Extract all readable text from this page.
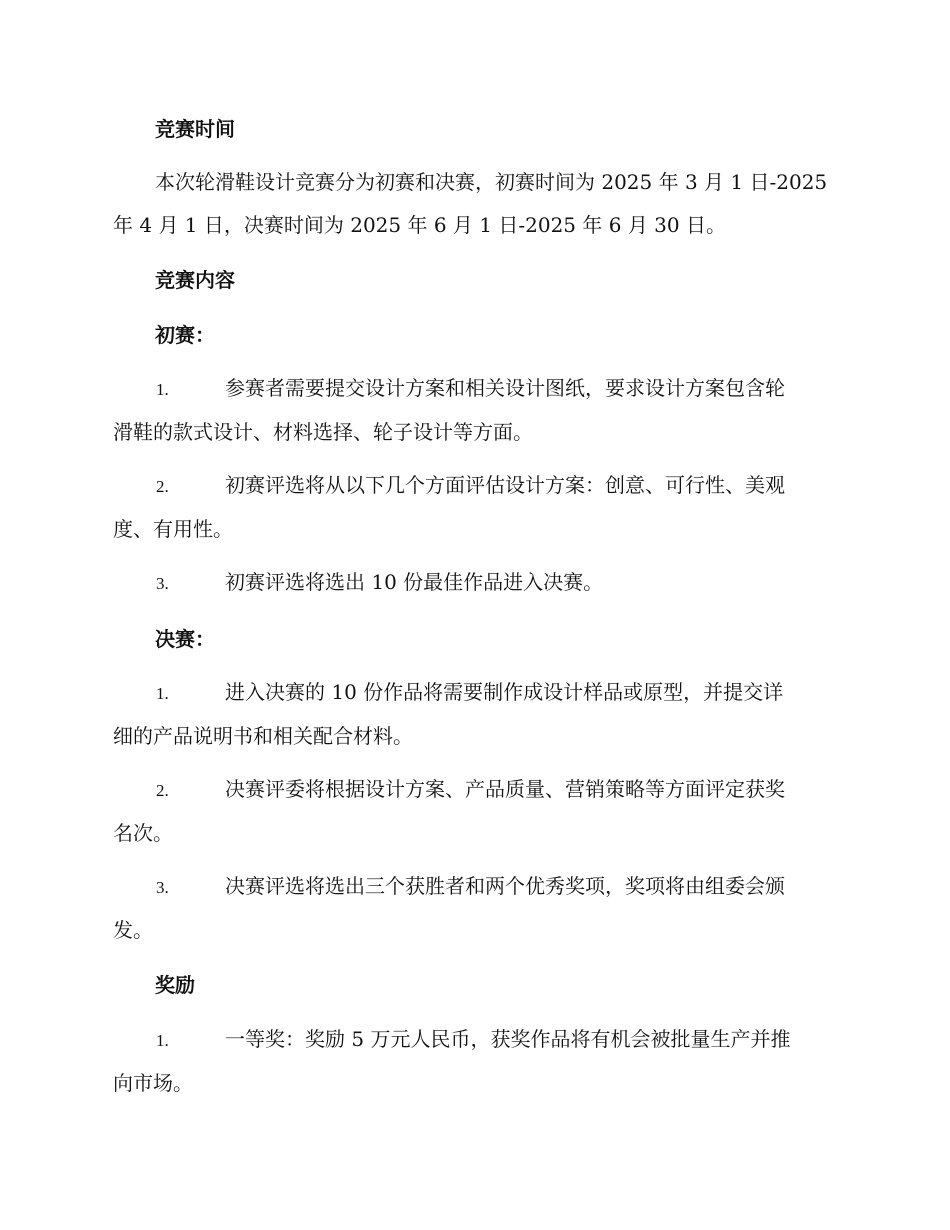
竞赛时间
本次轮滑鞋设计竞赛分为初赛和决赛，初赛时间为 2025 年 3 月 1 日-2025
年 4 月 1 日，决赛时间为 2025 年 6 月 1 日-2025 年 6 月 30 日。
竞赛内容
初赛：
1.	参赛者需要提交设计方案和相关设计图纸，要求设计方案包含轮
滑鞋的款式设计、材料选择、轮子设计等方面。
2.	初赛评选将从以下几个方面评估设计方案：创意、可行性、美观
度、有用性。
3.	初赛评选将选出 10 份最佳作品进入决赛。
决赛：
1.	进入决赛的 10 份作品将需要制作成设计样品或原型，并提交详
细的产品说明书和相关配合材料。
2.	决赛评委将根据设计方案、产品质量、营销策略等方面评定获奖
名次。
3.	决赛评选将选出三个获胜者和两个优秀奖项，奖项将由组委会颁
发。
奖励
1.	一等奖：奖励 5 万元人民币，获奖作品将有机会被批量生产并推
向市场。
